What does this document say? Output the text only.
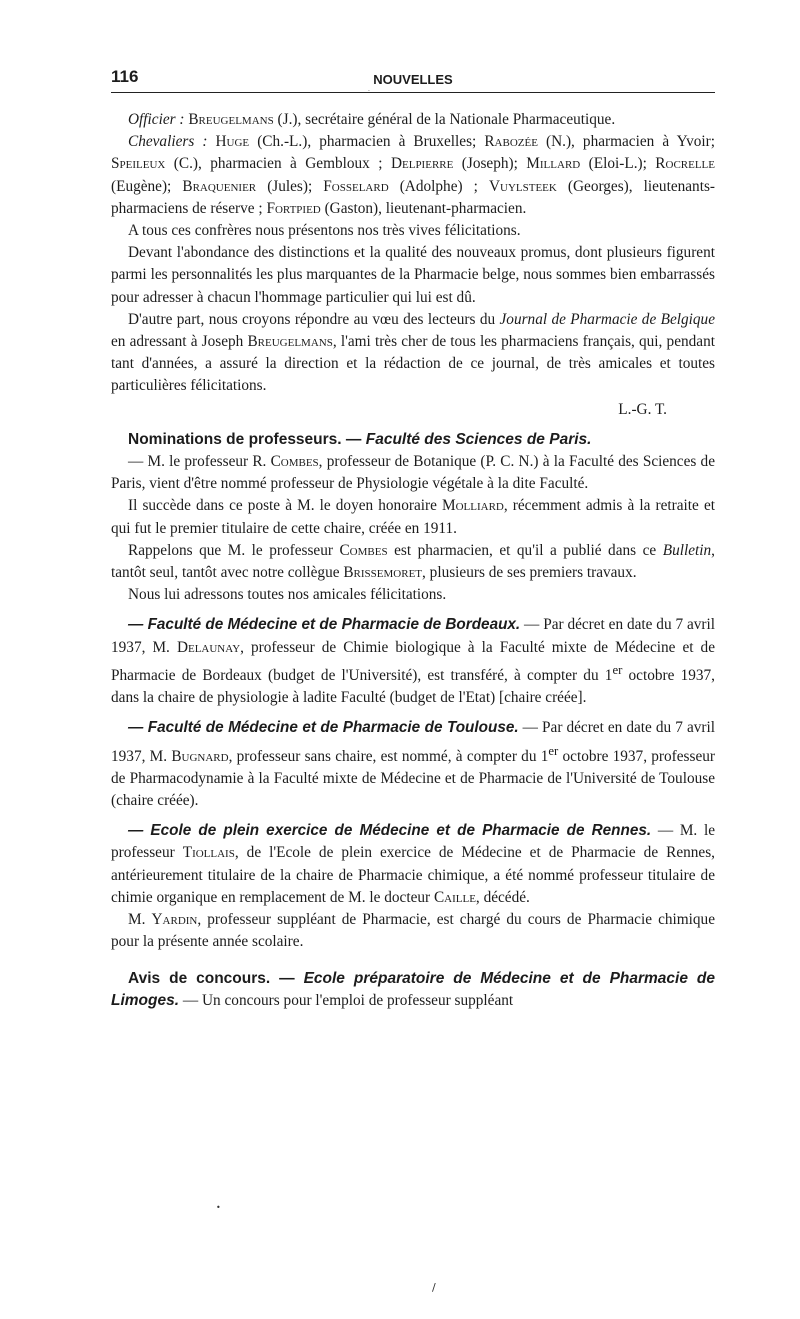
116	NOUVELLES

Officier : Breugelmans (J.), secrétaire général de la Nationale Pharmaceutique.

Chevaliers : Huge (Ch.-L.), pharmacien à Bruxelles; Rabozée (N.), pharmacien à Yvoir; Speileux (C.), pharmacien à Gembloux ; Delpierre (Joseph); Millard (Eloi-L.); Rocrelle (Eugène); Braquenier (Jules); Fosselard (Adolphe) ; Vuylsteek (Georges), lieutenants-pharmaciens de réserve ; Fortpied (Gaston), lieutenant-pharmacien.

A tous ces confrères nous présentons nos très vives félicitations.

Devant l'abondance des distinctions et la qualité des nouveaux promus, dont plusieurs figurent parmi les personnalités les plus marquantes de la Pharmacie belge, nous sommes bien embarrassés pour adresser à chacun l'hommage particulier qui lui est dû.

D'autre part, nous croyons répondre au vœu des lecteurs du Journal de Pharmacie de Belgique en adressant à Joseph Breugelmans, l'ami très cher de tous les pharmaciens français, qui, pendant tant d'années, a assuré la direction et la rédaction de ce journal, de très amicales et toutes particulières félicitations.

L.-G. T.

Nominations de professeurs. — Faculté des Sciences de Paris.

— M. le professeur R. Combes, professeur de Botanique (P. C. N.) à la Faculté des Sciences de Paris, vient d'être nommé professeur de Physiologie végétale à la dite Faculté.

Il succède dans ce poste à M. le doyen honoraire Molliard, récemment admis à la retraite et qui fut le premier titulaire de cette chaire, créée en 1911.

Rappelons que M. le professeur Combes est pharmacien, et qu'il a publié dans ce Bulletin, tantôt seul, tantôt avec notre collègue Brissemoret, plusieurs de ses premiers travaux.

Nous lui adressons toutes nos amicales félicitations.

— Faculté de Médecine et de Pharmacie de Bordeaux. — Par décret en date du 7 avril 1937, M. Delaunay, professeur de Chimie biologique à la Faculté mixte de Médecine et de Pharmacie de Bordeaux (budget de l'Université), est transféré, à compter du 1er octobre 1937, dans la chaire de physiologie à ladite Faculté (budget de l'Etat) [chaire créée].

— Faculté de Médecine et de Pharmacie de Toulouse. — Par décret en date du 7 avril 1937, M. Bugnard, professeur sans chaire, est nommé, à compter du 1er octobre 1937, professeur de Pharmacodynamie à la Faculté mixte de Médecine et de Pharmacie de l'Université de Toulouse (chaire créée).

— Ecole de plein exercice de Médecine et de Pharmacie de Rennes. — M. le professeur Tiollais, de l'Ecole de plein exercice de Médecine et de Pharmacie de Rennes, antérieurement titulaire de la chaire de Pharmacie chimique, a été nommé professeur titulaire de chimie organique en remplacement de M. le docteur Caille, décédé.

M. Yardin, professeur suppléant de Pharmacie, est chargé du cours de Pharmacie chimique pour la présente année scolaire.

Avis de concours. — Ecole préparatoire de Médecine et de Pharmacie de Limoges. — Un concours pour l'emploi de professeur suppléant

·
•
/
